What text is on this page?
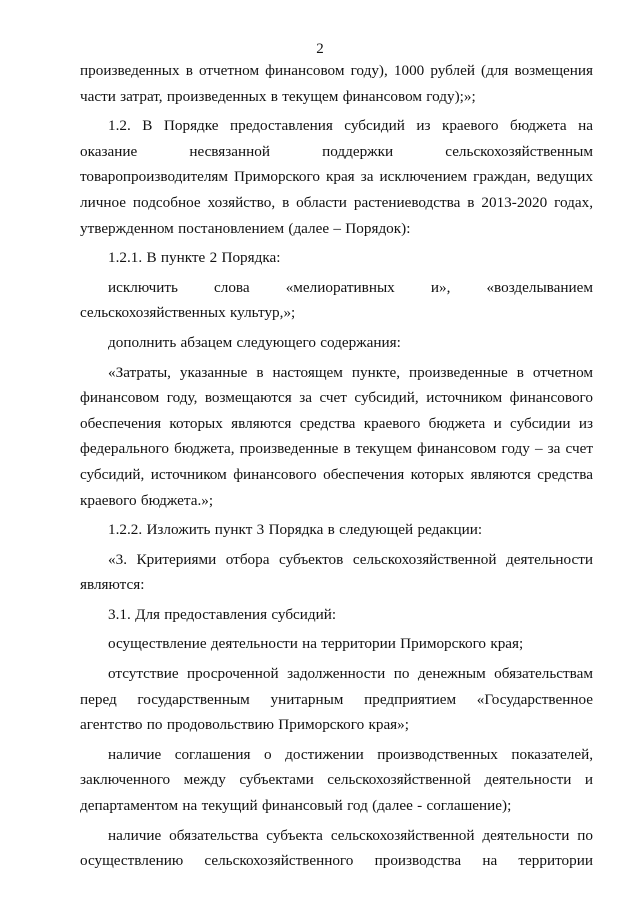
2

произведенных в отчетном финансовом году), 1000 рублей (для возмещения части затрат, произведенных в текущем финансовом году);»;

1.2. В Порядке предоставления субсидий из краевого бюджета на оказание несвязанной поддержки сельскохозяйственным товаропроизводителям Приморского края за исключением граждан, ведущих личное подсобное хозяйство, в области растениеводства в 2013-2020 годах, утвержденном постановлением (далее – Порядок):

1.2.1. В пункте 2 Порядка:

исключить слова «мелиоративных и», «возделыванием сельскохозяйственных культур,»;

дополнить абзацем следующего содержания:

«Затраты, указанные в настоящем пункте, произведенные в отчетном финансовом году, возмещаются за счет субсидий, источником финансового обеспечения которых являются средства краевого бюджета и субсидии из федерального бюджета, произведенные в текущем финансовом году – за счет субсидий, источником финансового обеспечения которых являются средства краевого бюджета.»;

1.2.2. Изложить пункт 3 Порядка в следующей редакции:

«3. Критериями отбора субъектов сельскохозяйственной деятельности являются:

3.1. Для предоставления субсидий:

осуществление деятельности на территории Приморского края;

отсутствие просроченной задолженности по денежным обязательствам перед государственным унитарным предприятием «Государственное агентство по продовольствию Приморского края»;

наличие соглашения о достижении производственных показателей, заключенного между субъектами сельскохозяйственной деятельности и департаментом на текущий финансовый год (далее - соглашение);

наличие обязательства субъекта сельскохозяйственной деятельности по осуществлению сельскохозяйственного производства на территории
